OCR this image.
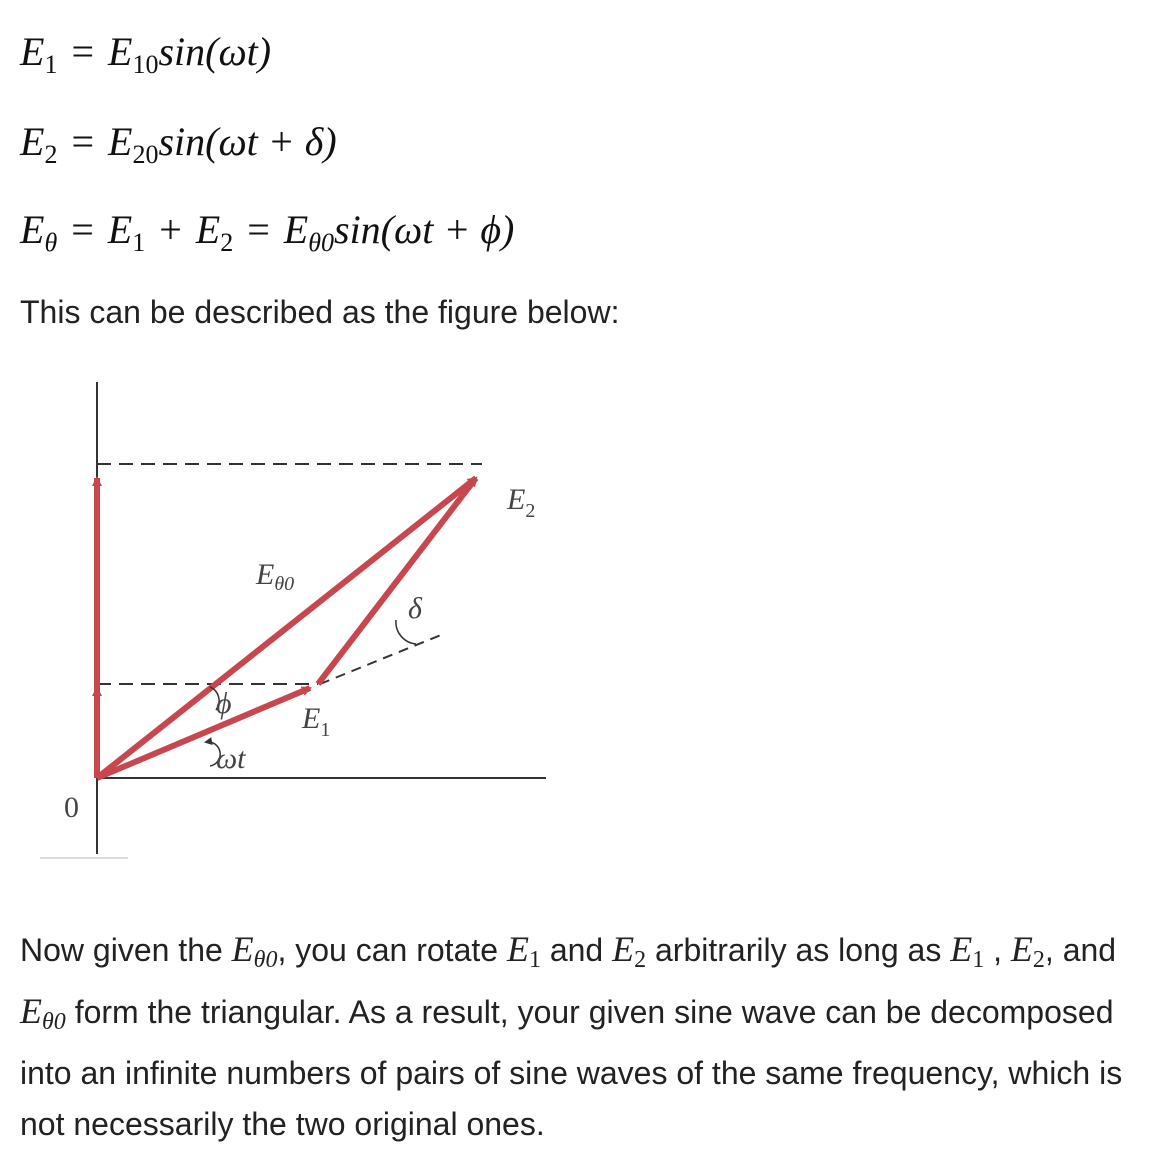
$E_1 = E_{10}\sin(\omega t)$
$E_2 = E_{20}\sin(\omega t + \delta)$
$E_\theta = E_1 + E_2 = E_{\theta 0}\sin(\omega t + \phi)$
This can be described as the figure below:
0
$E_2$
$E_{\theta 0}$
δ
ϕ $E_1$
ωt
Now given the $E_{\theta 0}$, you can rotate $E_1$ and $E_2$ arbitrarily as long as $E_1$ , $E_2$, and $E_{\theta 0}$ form the triangular. As a result, your given sine wave can be decomposed into an infinite numbers of pairs of sine waves of the same frequency, which is not necessarily the two original ones.
